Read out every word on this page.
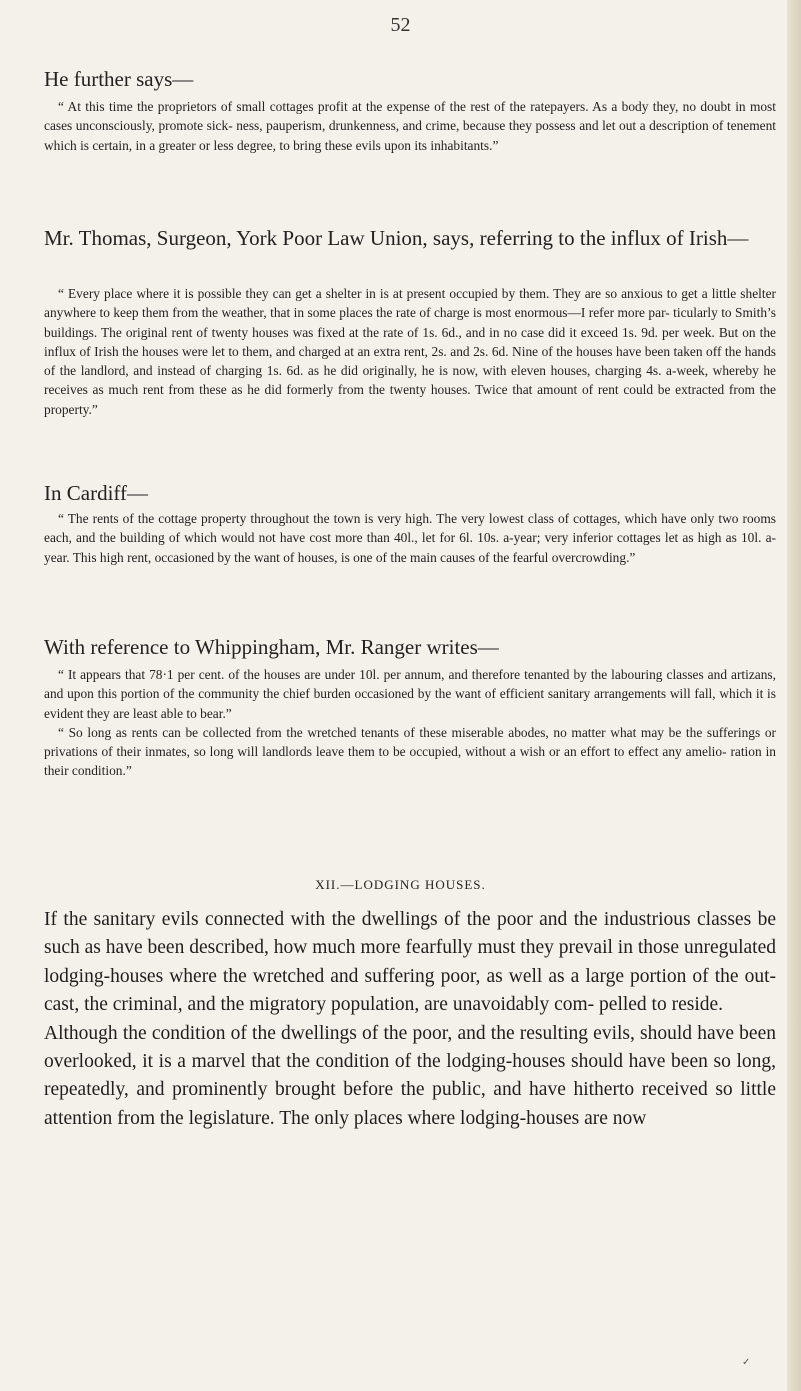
52
He further says—

“ At this time the proprietors of small cottages profit at the expense of the rest of the ratepayers. As a body they, no doubt in most cases unconsciously, promote sick- ness, pauperism, drunkenness, and crime, because they possess and let out a description of tenement which is certain, in a greater or less degree, to bring these evils upon its inhabitants.”

Mr. Thomas, Surgeon, York Poor Law Union, says, referring to the influx of Irish—

“ Every place where it is possible they can get a shelter in is at present occupied by them. They are so anxious to get a little shelter anywhere to keep them from the weather, that in some places the rate of charge is most enormous—I refer more par- ticularly to Smith’s buildings. The original rent of twenty houses was fixed at the rate of 1s. 6d., and in no case did it exceed 1s. 9d. per week. But on the influx of Irish the houses were let to them, and charged at an extra rent, 2s. and 2s. 6d. Nine of the houses have been taken off the hands of the landlord, and instead of charging 1s. 6d. as he did originally, he is now, with eleven houses, charging 4s. a-week, whereby he receives as much rent from these as he did formerly from the twenty houses. Twice that amount of rent could be extracted from the property.”

In Cardiff—

“ The rents of the cottage property throughout the town is very high. The very lowest class of cottages, which have only two rooms each, and the building of which would not have cost more than 40l., let for 6l. 10s. a-year; very inferior cottages let as high as 10l. a-year. This high rent, occasioned by the want of houses, is one of the main causes of the fearful overcrowding.”

With reference to Whippingham, Mr. Ranger writes—

“ It appears that 78·1 per cent. of the houses are under 10l. per annum, and therefore tenanted by the labouring classes and artizans, and upon this portion of the community the chief burden occasioned by the want of efficient sanitary arrangements will fall, which it is evident they are least able to bear.”

“ So long as rents can be collected from the wretched tenants of these miserable abodes, no matter what may be the sufferings or privations of their inmates, so long will landlords leave them to be occupied, without a wish or an effort to effect any amelio- ration in their condition.”

XII.—LODGING HOUSES.

If the sanitary evils connected with the dwellings of the poor and the industrious classes be such as have been described, how much more fearfully must they prevail in those unregulated lodging-houses where the wretched and suffering poor, as well as a large portion of the out- cast, the criminal, and the migratory population, are unavoidably com- pelled to reside.

Although the condition of the dwellings of the poor, and the resulting evils, should have been overlooked, it is a marvel that the condition of the lodging-houses should have been so long, repeatedly, and prominently brought before the public, and have hitherto received so little attention from the legislature. The only places where lodging-houses are now

✓
